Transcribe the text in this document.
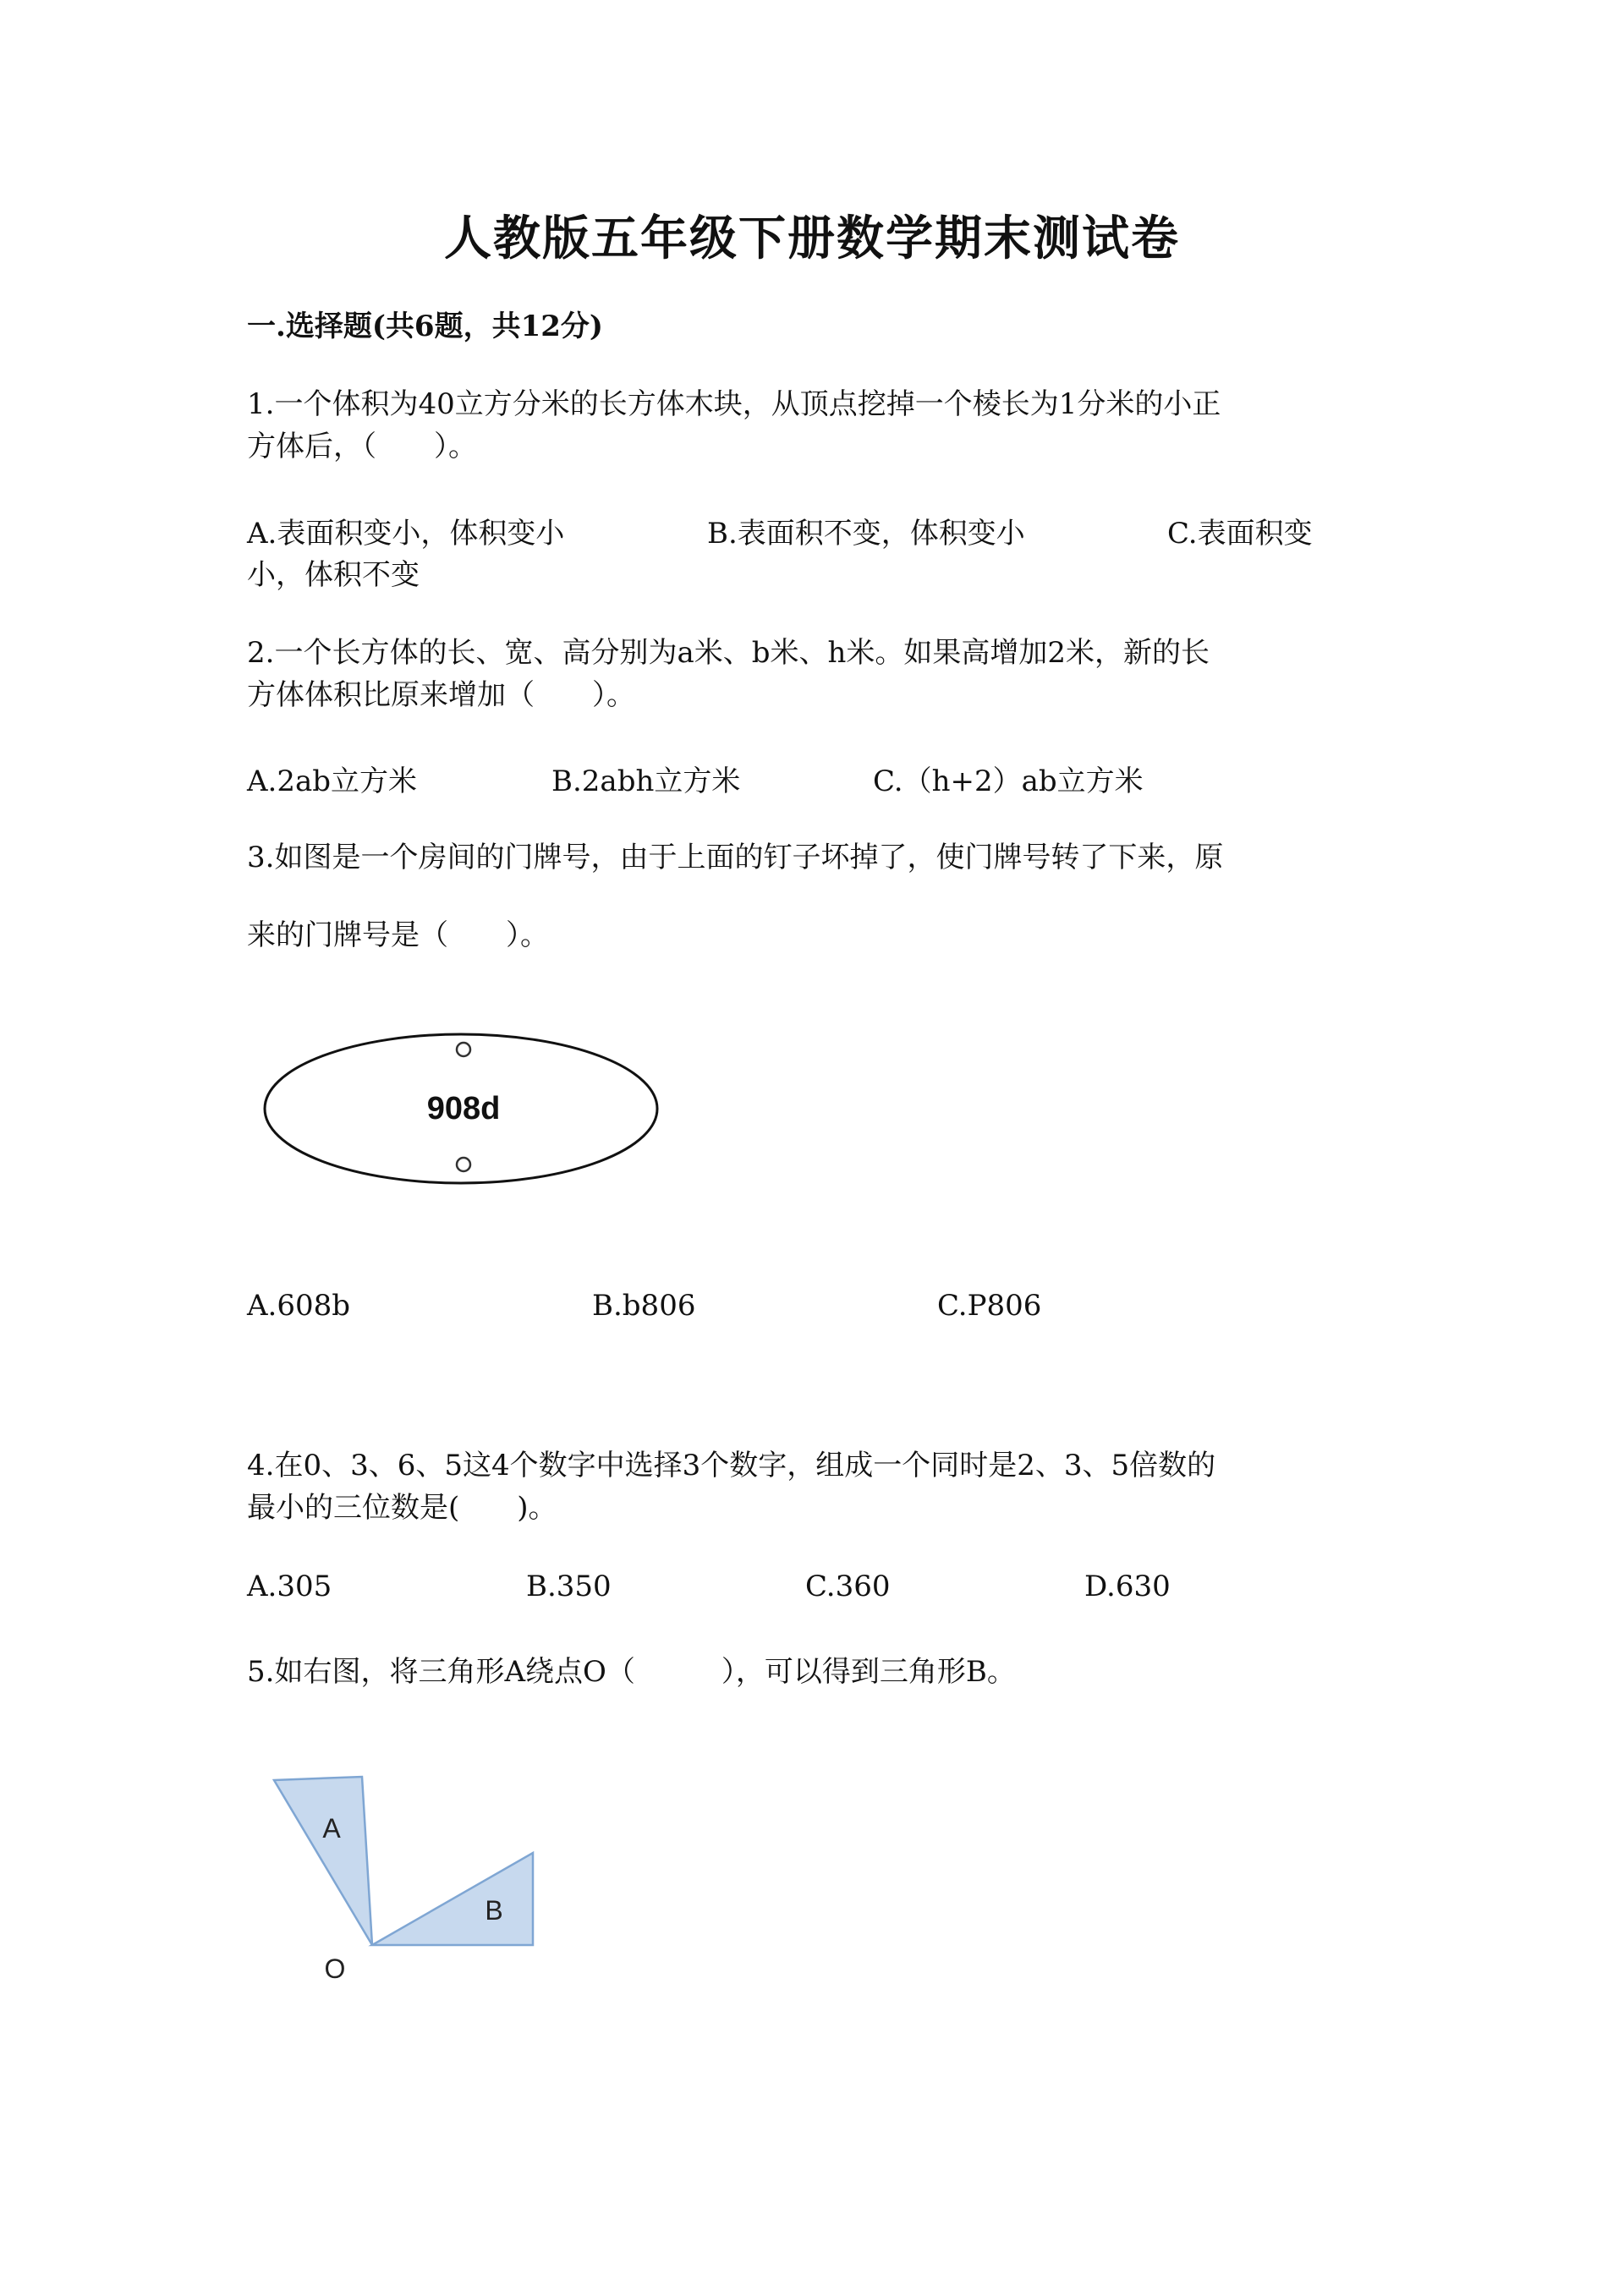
人教版五年级下册数学期末测试卷
一.选择题(共6题，共12分)
1.一个体积为40立方分米的长方体木块，从顶点挖掉一个棱长为1分米的小正
方体后，（　　）。
A.表面积变小，体积变小	B.表面积不变，体积变小	C.表面积变
小，体积不变
2.一个长方体的长、宽、高分别为a米、b米、h米。如果高增加2米，新的长
方体体积比原来增加（　　）。
A.2ab立方米	B.2abh立方米	C.（h+2）ab立方米
3.如图是一个房间的门牌号，由于上面的钉子坏掉了，使门牌号转了下来，原
来的门牌号是（　　）。
908d
A.608b	B.b806	C.P806
4.在0、3、6、5这4个数字中选择3个数字，组成一个同时是2、3、5倍数的
最小的三位数是(　　)。
A.305	B.350	C.360	D.630
5.如右图，将三角形A绕点O（　　　），可以得到三角形B。
A
B
O
